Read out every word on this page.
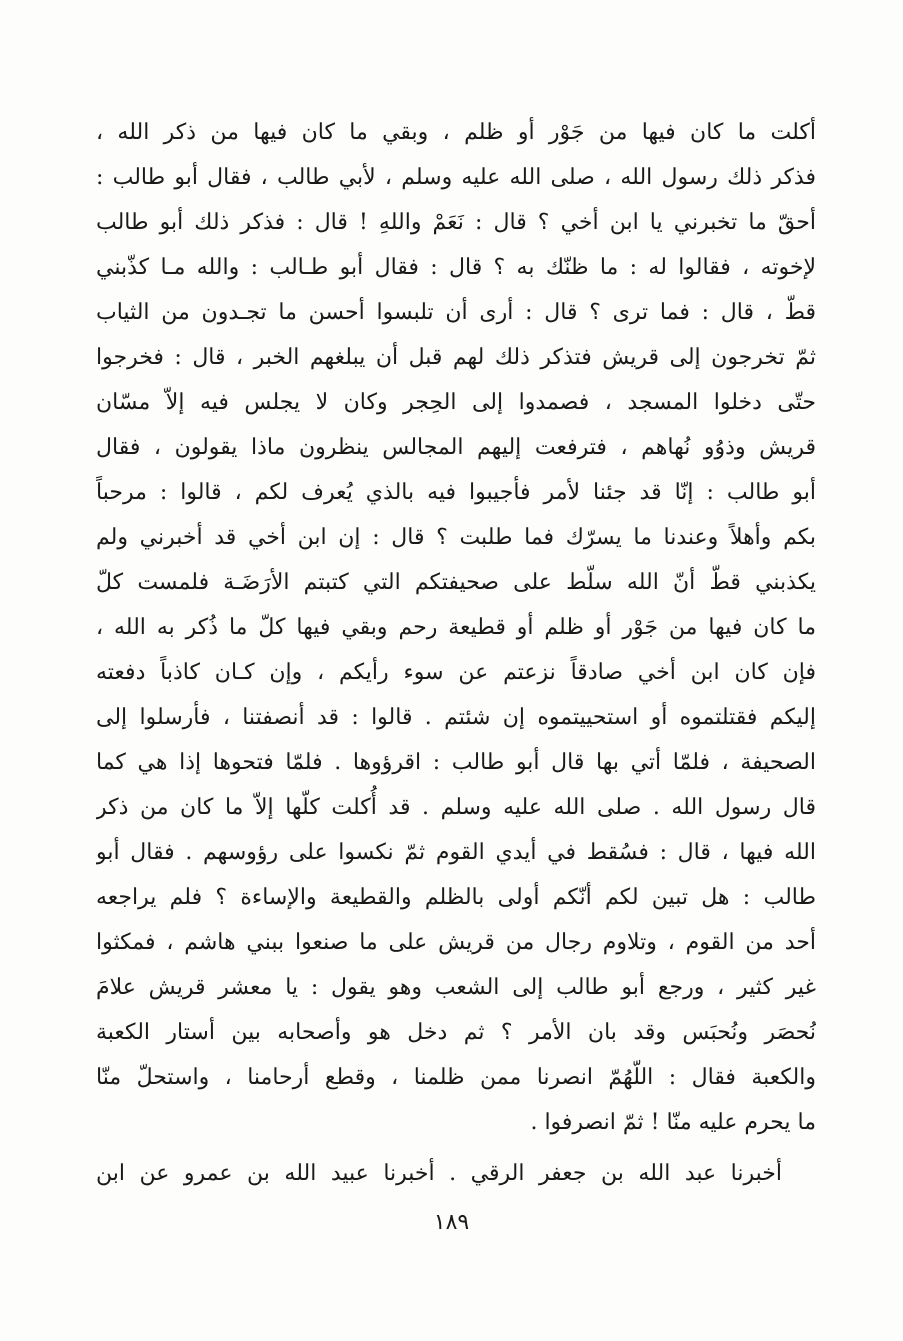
أكلت ما كان فيها من جَوْر أو ظلم ، وبقي ما كان فيها من ذكر الله ،
فذكر ذلك رسول الله ، صلى الله عليه وسلم ، لأبي طالب ، فقال أبو طالب :
أحقّ ما تخبرني يا ابن أخي ؟ قال : نَعَمْ واللهِ ! قال : فذكر ذلك أبو طالب
لإخوته ، فقالوا له : ما ظنّك به ؟ قال : فقال أبو طـالب : والله مـا كذّبني
قطّ ، قال : فما ترى ؟ قال : أرى أن تلبسوا أحسن ما تجـدون من الثياب
ثمّ تخرجون إلى قريش فتذكر ذلك لهم قبل أن يبلغهم الخبر ، قال : فخرجوا
حتّى دخلوا المسجد ، فصمدوا إلى الحِجر وكان لا يجلس فيه إلاّ مسّان
قريش وذوُو نُهاهم ، فترفعت إليهم المجالس ينظرون ماذا يقولون ، فقال
أبو طالب : إنّا قد جئنا لأمر فأجيبوا فيه بالذي يُعرف لكم ، قالوا : مرحباً
بكم وأهلاً وعندنا ما يسرّك فما طلبت ؟ قال : إن ابن أخي قد أخبرني ولم
يكذبني قطّ أنّ الله سلّط على صحيفتكم التي كتبتم الأرَضَـة فلمست كلّ
ما كان فيها من جَوْر أو ظلم أو قطيعة رحم وبقي فيها كلّ ما ذُكر به الله ،
فإن كان ابن أخي صادقاً نزعتم عن سوء رأيكم ، وإن كـان كاذباً دفعته
إليكم فقتلتموه أو استحييتموه إن شئتم . قالوا : قد أنصفتنا ، فأرسلوا إلى
الصحيفة ، فلمّا أتي بها قال أبو طالب : اقرؤوها . فلمّا فتحوها إذا هي كما
قال رسول الله . صلى الله عليه وسلم . قد أُكلت كلّها إلاّ ما كان من ذكر
الله فيها ، قال : فسُقط في أيدي القوم ثمّ نكسوا على رؤوسهم . فقال أبو
طالب : هل تبين لكم أنّكم أولى بالظلم والقطيعة والإساءة ؟ فلم يراجعه
أحد من القوم ، وتلاوم رجال من قريش على ما صنعوا ببني هاشم ، فمكثوا
غير كثير ، ورجع أبو طالب إلى الشعب وهو يقول : يا معشر قريش علامَ
نُحصَر ونُحبَس وقد بان الأمر ؟ ثم دخل هو وأصحابه بين أستار الكعبة
والكعبة فقال : اللّهُمّ انصرنا ممن ظلمنا ، وقطع أرحامنا ، واستحلّ منّا
ما يحرم عليه منّا ! ثمّ انصرفوا .
أخبرنا عبد الله بن جعفر الرقي . أخبرنا عبيد الله بن عمرو عن ابن
١٨٩
